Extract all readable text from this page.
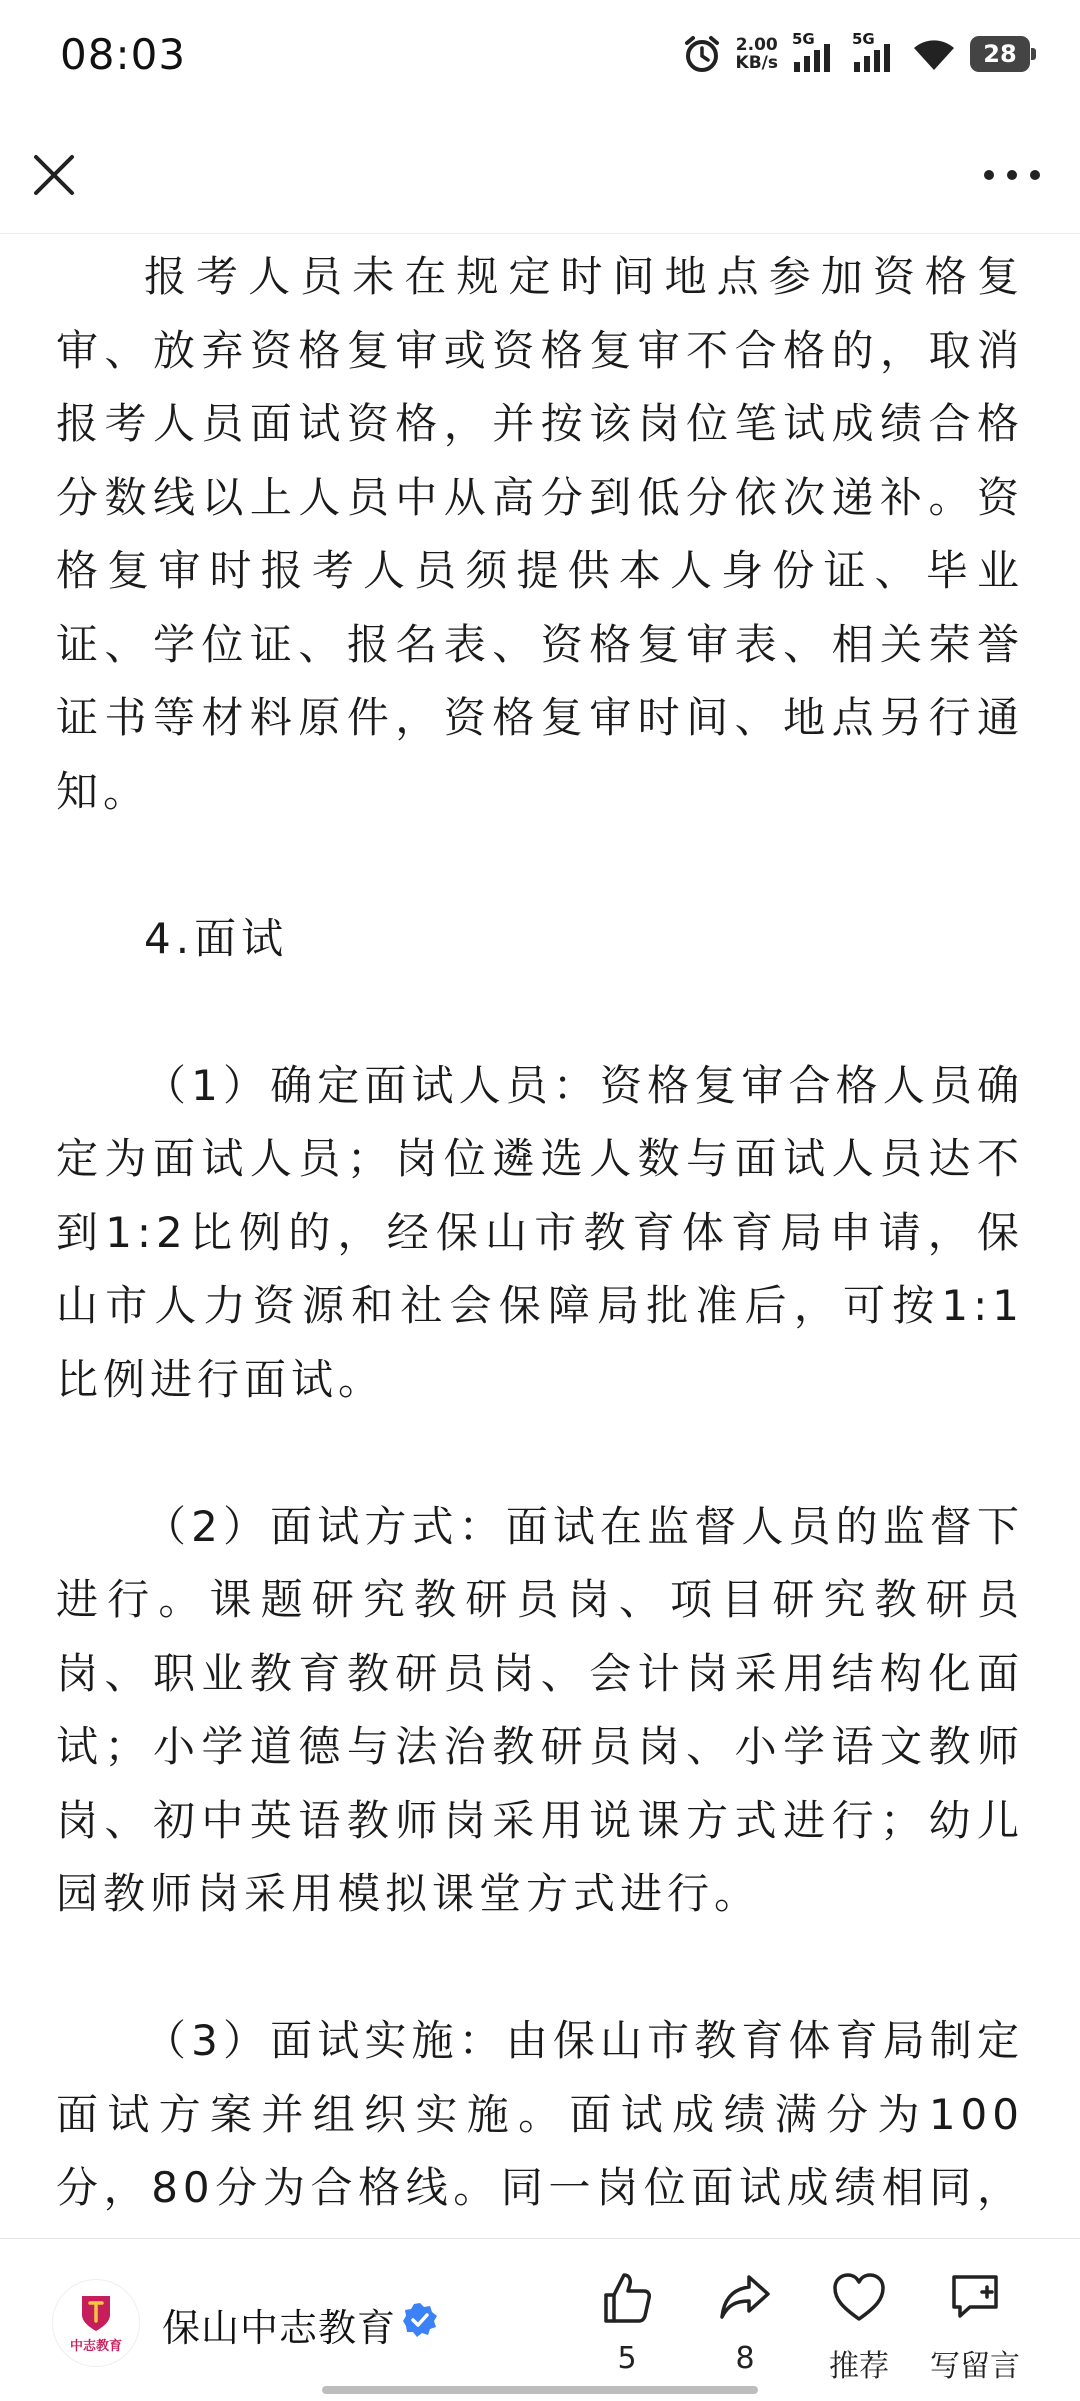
08:03	2.00
KB/s
5G 5G
28

报考人员未在规定时间地点参加资格复审、放弃资格复审或资格复审不合格的，取消报考人员面试资格，并按该岗位笔试成绩合格分数线以上人员中从高分到低分依次递补。资格复审时报考人员须提供本人身份证、毕业证、学位证、报名表、资格复审表、相关荣誉证书等材料原件，资格复审时间、地点另行通知。

4.面试

（1）确定面试人员：资格复审合格人员确定为面试人员；岗位遴选人数与面试人员达不到1:2比例的，经保山市教育体育局申请，保山市人力资源和社会保障局批准后，可按1:1比例进行面试。

（2）面试方式：面试在监督人员的监督下进行。课题研究教研员岗、项目研究教研员岗、职业教育教研员岗、会计岗采用结构化面试；小学道德与法治教研员岗、小学语文教师岗、初中英语教师岗采用说课方式进行；幼儿园教师岗采用模拟课堂方式进行。

（3）面试实施：由保山市教育体育局制定面试方案并组织实施。面试成绩满分为100分，80分为合格线。同一岗位面试成绩相同，

中志教育 保山中志教育
5	8 推荐 写留言
